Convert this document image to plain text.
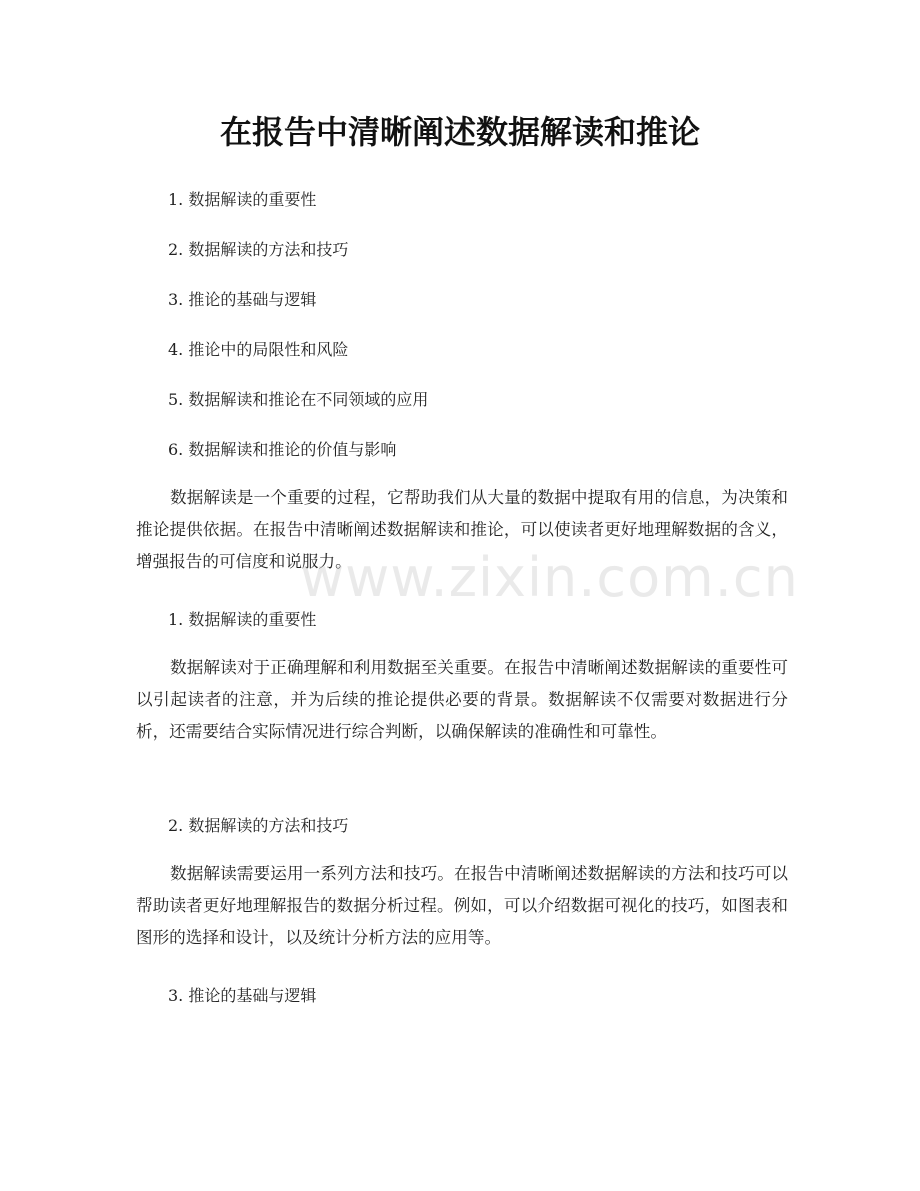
在报告中清晰阐述数据解读和推论
1. 数据解读的重要性
2. 数据解读的方法和技巧
3. 推论的基础与逻辑
4. 推论中的局限性和风险
5. 数据解读和推论在不同领域的应用
6. 数据解读和推论的价值与影响

数据解读是一个重要的过程，它帮助我们从大量的数据中提取有用的信息，为决策和推论提供依据。在报告中清晰阐述数据解读和推论，可以使读者更好地理解数据的含义，增强报告的可信度和说服力。

1. 数据解读的重要性

数据解读对于正确理解和利用数据至关重要。在报告中清晰阐述数据解读的重要性可以引起读者的注意，并为后续的推论提供必要的背景。数据解读不仅需要对数据进行分析，还需要结合实际情况进行综合判断，以确保解读的准确性和可靠性。

2. 数据解读的方法和技巧

数据解读需要运用一系列方法和技巧。在报告中清晰阐述数据解读的方法和技巧可以帮助读者更好地理解报告的数据分析过程。例如，可以介绍数据可视化的技巧，如图表和图形的选择和设计，以及统计分析方法的应用等。

3. 推论的基础与逻辑
www.zixin.com.cn
